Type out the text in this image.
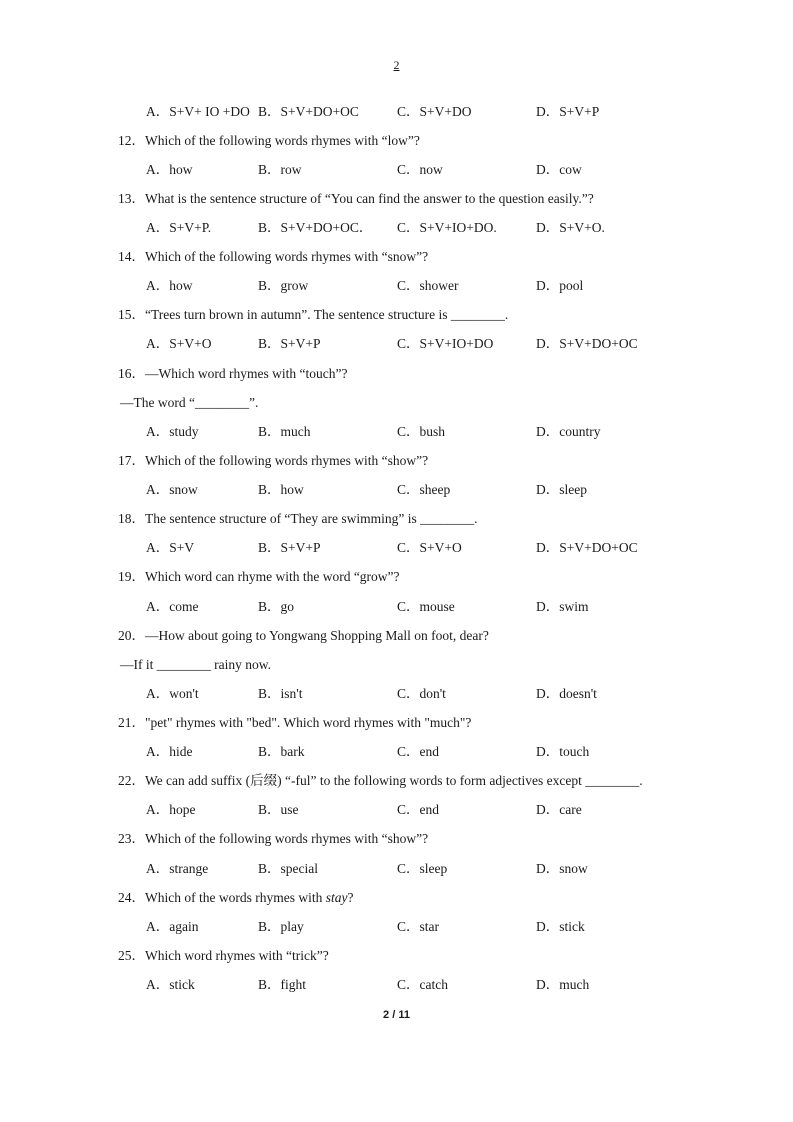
2
A．S+V+ IO +DO B．S+V+DO+OC	C．S+V+DO	D．S+V+P
12．Which of the following words rhymes with “low”?
A．how	B．row	C．now	D．cow
13．What is the sentence structure of “You can find the answer to the question easily.”?
A．S+V+P.	B．S+V+DO+OC． C．S+V+IO+DO.	D．S+V+O.
14．Which of the following words rhymes with “snow”?
A．how	B．grow	C．shower	D．pool
15．“Trees turn brown in autumn”. The sentence structure is ________.
A．S+V+O	B．S+V+P	C．S+V+IO+DO	D．S+V+DO+OC
16．—Which word rhymes with “touch”?
—The word “________”.
A．study	B．much	C．bush	D．country
17．Which of the following words rhymes with “show”?
A．snow	B．how	C．sheep	D．sleep
18．The sentence structure of “They are swimming” is ________.
A．S+V	B．S+V+P	C．S+V+O	D．S+V+DO+OC
19．Which word can rhyme with the word “grow”?
A．come	B．go	C．mouse	D．swim
20．—How about going to Yongwang Shopping Mall on foot, dear?
—If it ________ rainy now.
A．won't	B．isn't	C．don't	D．doesn't
21．"pet" rhymes with "bed". Which word rhymes with "much"?
A．hide	B．bark	C．end	D．touch
22．We can add suffix (后缀) “-ful” to the following words to form adjectives except ________.
A．hope	B．use	C．end	D．care
23．Which of the following words rhymes with “show”?
A．strange	B．special	C．sleep	D．snow
24．Which of the words rhymes with stay?
A．again	B．play	C．star	D．stick
25．Which word rhymes with “trick”?
A．stick	B．fight	C．catch	D．much
2 / 11
